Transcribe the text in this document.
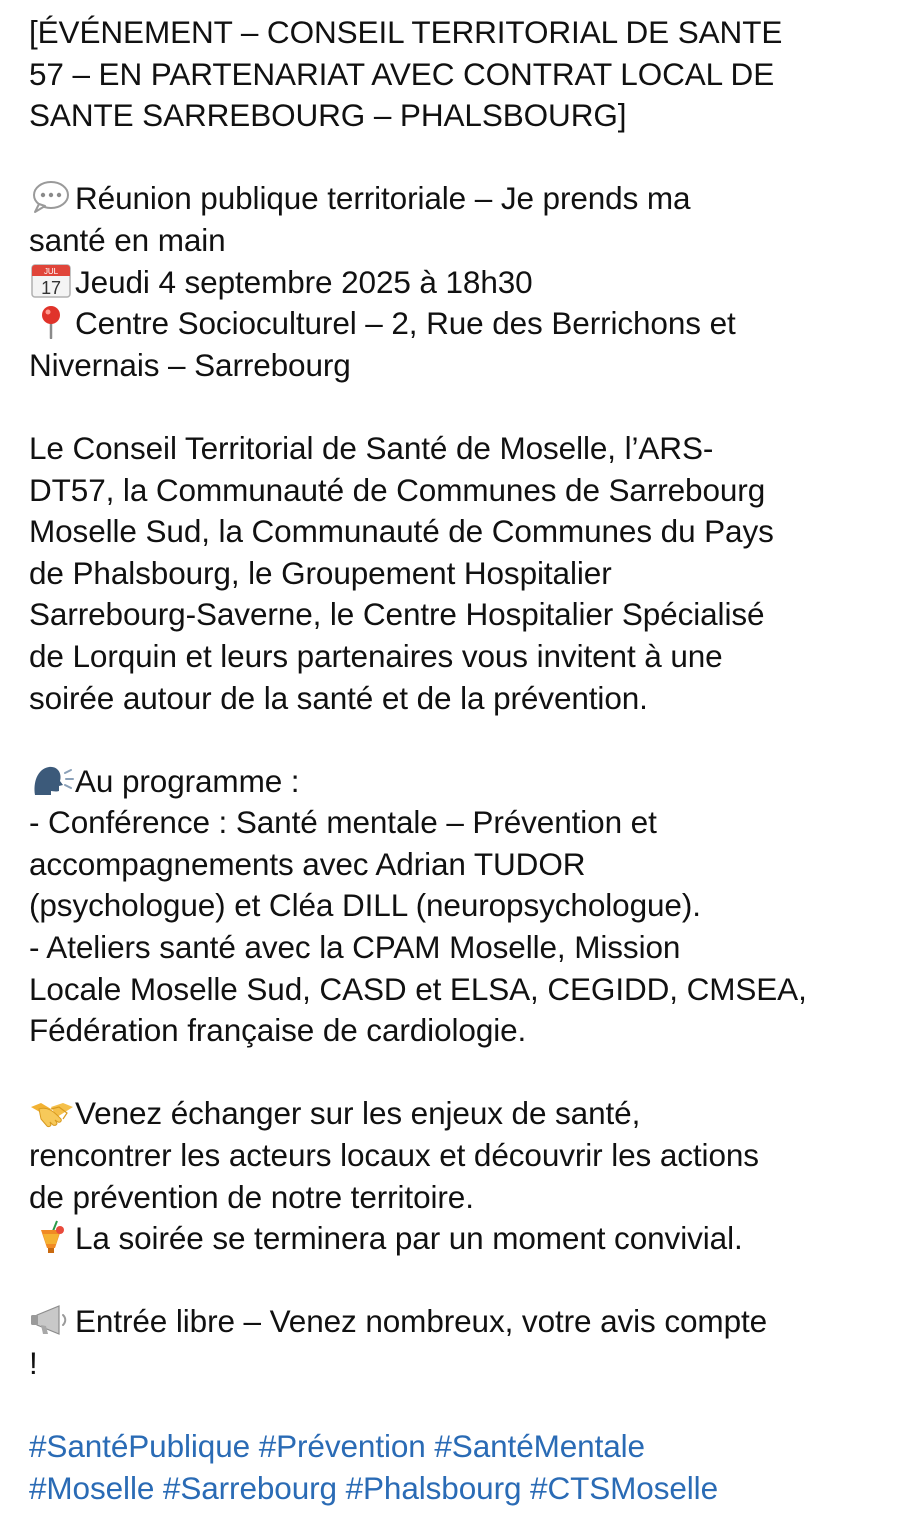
[ÉVÉNEMENT – CONSEIL TERRITORIAL DE SANTE
57 – EN PARTENARIAT AVEC CONTRAT LOCAL DE
SANTE SARREBOURG – PHALSBOURG]

Réunion publique territoriale – Je prends ma
santé en main
JUL
17 Jeudi 4 septembre 2025 à 18h30
Centre Socioculturel – 2, Rue des Berrichons et
Nivernais – Sarrebourg

Le Conseil Territorial de Santé de Moselle, l’ARS-
DT57, la Communauté de Communes de Sarrebourg
Moselle Sud, la Communauté de Communes du Pays
de Phalsbourg, le Groupement Hospitalier
Sarrebourg-Saverne, le Centre Hospitalier Spécialisé
de Lorquin et leurs partenaires vous invitent à une
soirée autour de la santé et de la prévention.

Au programme :
- Conférence : Santé mentale – Prévention et
accompagnements avec Adrian TUDOR
(psychologue) et Cléa DILL (neuropsychologue).
- Ateliers santé avec la CPAM Moselle, Mission
Locale Moselle Sud, CASD et ELSA, CEGIDD, CMSEA,
Fédération française de cardiologie.

Venez échanger sur les enjeux de santé,
rencontrer les acteurs locaux et découvrir les actions
de prévention de notre territoire.
La soirée se terminera par un moment convivial.

Entrée libre – Venez nombreux, votre avis compte
!

#SantéPublique #Prévention #SantéMentale
#Moselle #Sarrebourg #Phalsbourg #CTSMoselle
